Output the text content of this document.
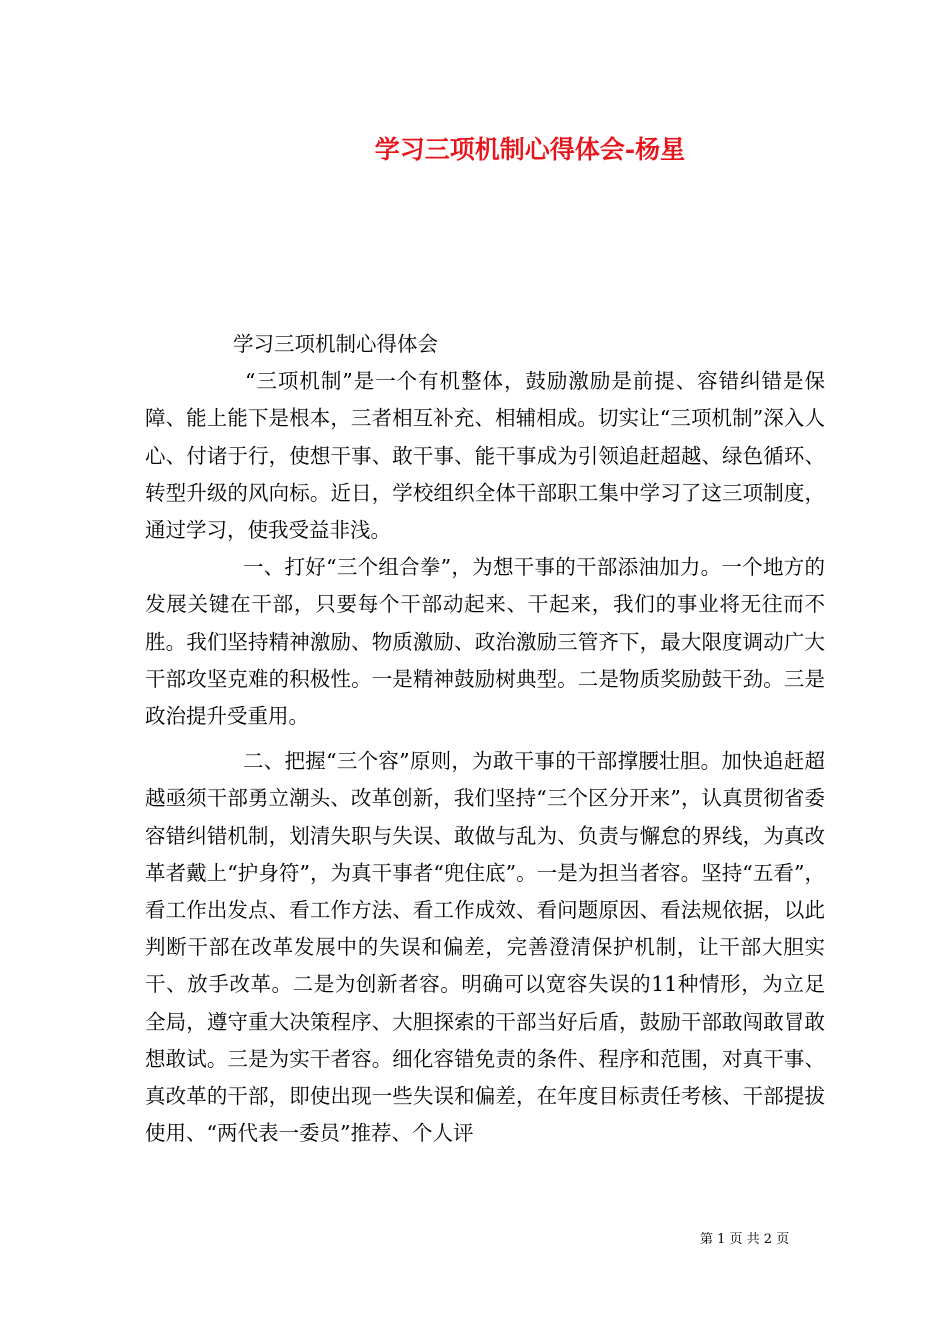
学习三项机制心得体会-杨星

学习三项机制心得体会

“三项机制”是一个有机整体，鼓励激励是前提、容错纠错是保障、能上能下是根本，三者相互补充、相辅相成。切实让“三项机制”深入人心、付诸于行，使想干事、敢干事、能干事成为引领追赶超越、绿色循环、转型升级的风向标。近日，学校组织全体干部职工集中学习了这三项制度，通过学习，使我受益非浅。

一、打好“三个组合拳”，为想干事的干部添油加力。一个地方的发展关键在干部，只要每个干部动起来、干起来，我们的事业将无往而不胜。我们坚持精神激励、物质激励、政治激励三管齐下，最大限度调动广大干部攻坚克难的积极性。一是精神鼓励树典型。二是物质奖励鼓干劲。三是政治提升受重用。

二、把握“三个容”原则，为敢干事的干部撑腰壮胆。加快追赶超越亟须干部勇立潮头、改革创新，我们坚持“三个区分开来”，认真贯彻省委容错纠错机制，划清失职与失误、敢做与乱为、负责与懈怠的界线，为真改革者戴上“护身符”，为真干事者“兜住底”。一是为担当者容。坚持“五看”，看工作出发点、看工作方法、看工作成效、看问题原因、看法规依据，以此判断干部在改革发展中的失误和偏差，完善澄清保护机制，让干部大胆实干、放手改革。二是为创新者容。明确可以宽容失误的11种情形，为立足全局，遵守重大决策程序、大胆探索的干部当好后盾，鼓励干部敢闯敢冒敢想敢试。三是为实干者容。细化容错免责的条件、程序和范围，对真干事、真改革的干部，即使出现一些失误和偏差，在年度目标责任考核、干部提拔使用、“两代表一委员”推荐、个人评

第 1 页 共 2 页
